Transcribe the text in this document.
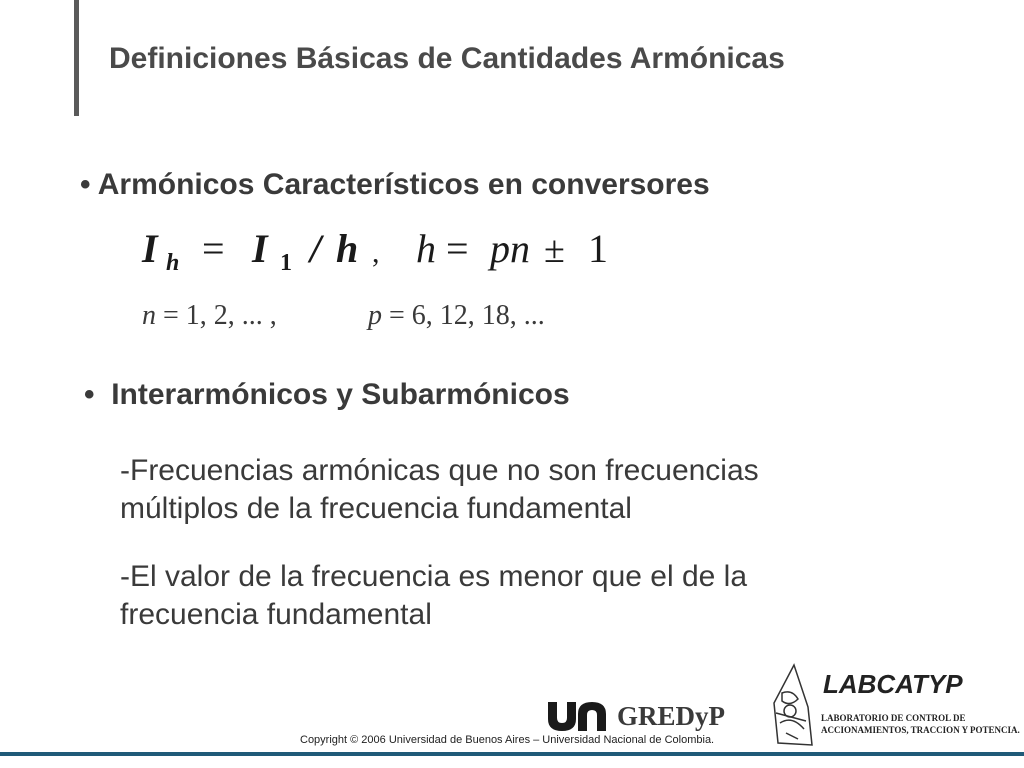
Definiciones Básicas de Cantidades Armónicas
• Armónicos Característicos en conversores
I h = I 1 / h , h = pn ± 1
n = 1, 2, ... ,	p = 6, 12, 18, ...
• Interarmónicos y Subarmónicos
-Frecuencias armónicas que no son frecuencias múltiplos de la frecuencia fundamental
-El valor de la frecuencia es menor que el de la frecuencia fundamental
GREDyP
Copyright © 2006 Universidad de Buenos Aires – Universidad Nacional de Colombia.
LABCATYP
LABORATORIO DE CONTROL DE
ACCIONAMIENTOS, TRACCION Y POTENCIA.
